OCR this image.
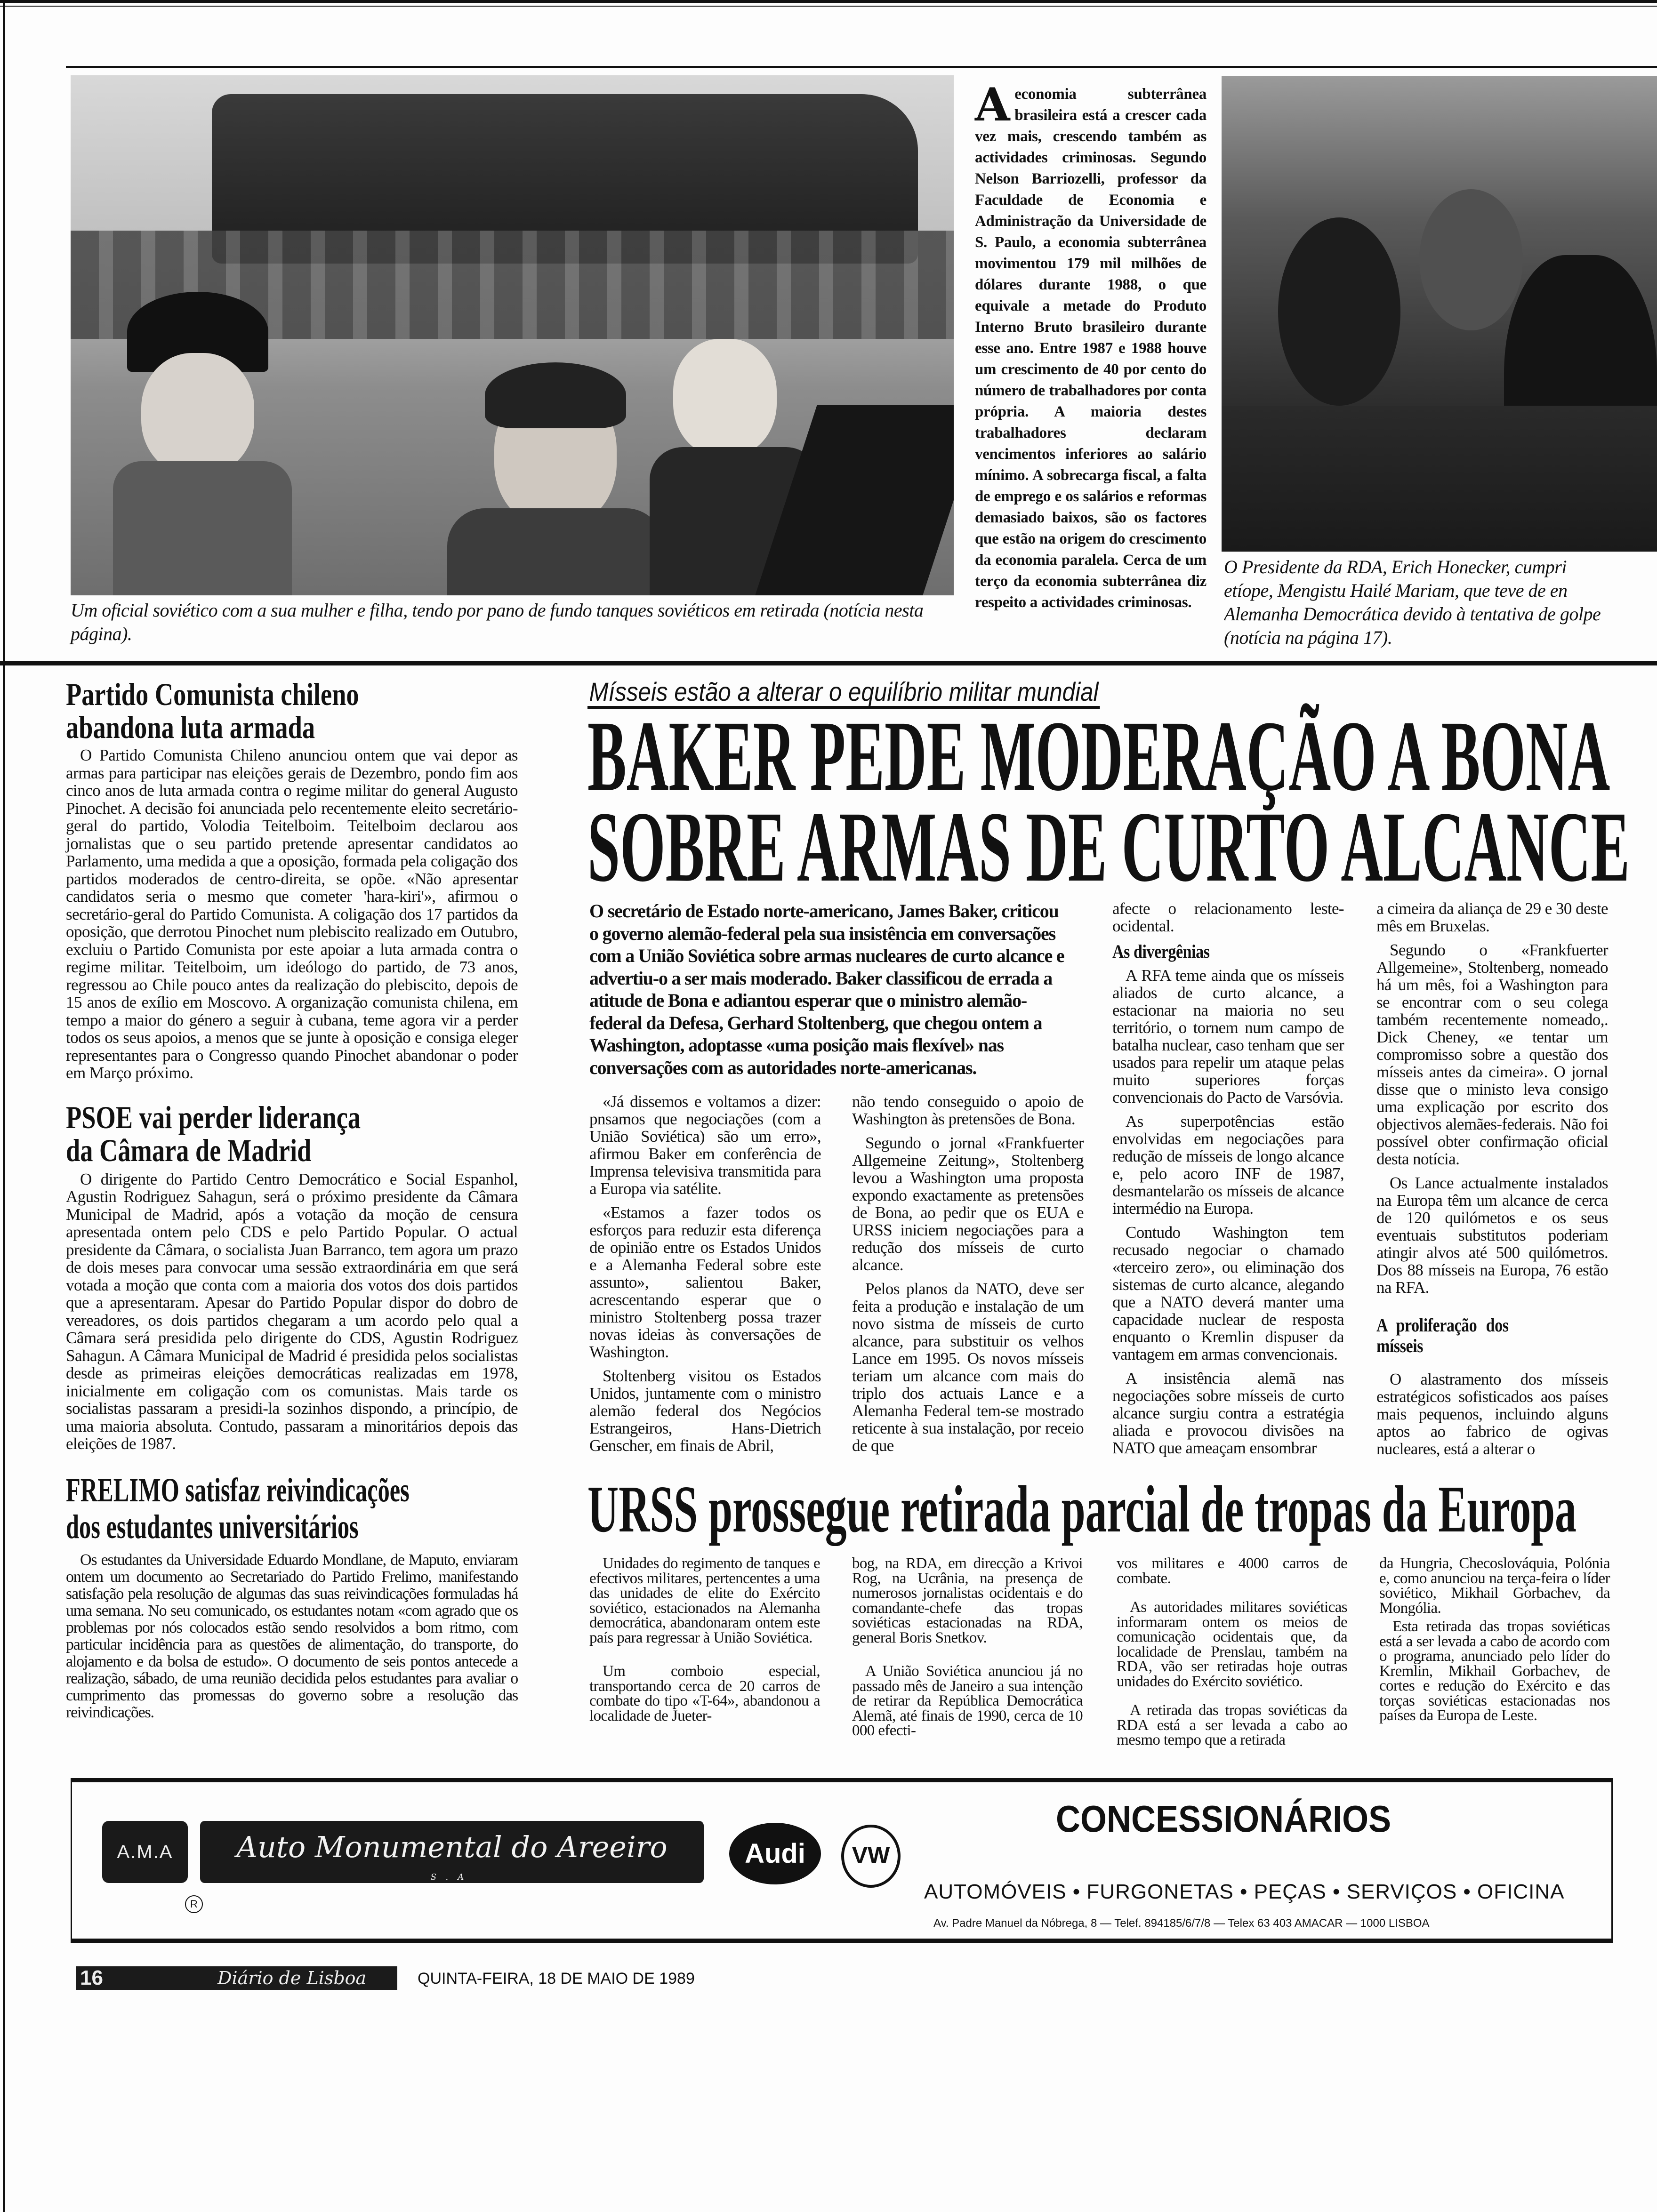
Um oficial soviético com a sua mulher e filha, tendo por pano de fundo tanques soviéticos em retirada (notícia nesta página).
Aeconomia subterrânea brasileira está a crescer cada vez mais, crescendo também as actividades criminosas. Segundo Nelson Barriozelli, professor da Faculdade de Economia e Administração da Universidade de S. Paulo, a economia subterrânea movimentou 179 mil milhões de dólares durante 1988, o que equivale a metade do Produto Interno Bruto brasileiro durante esse ano. Entre 1987 e 1988 houve um crescimento de 40 por cento do número de trabalhadores por conta própria. A maioria destes trabalhadores declaram vencimentos inferiores ao salário mínimo. A sobrecarga fiscal, a falta de emprego e os salários e reformas demasiado baixos, são os factores que estão na origem do crescimento da economia paralela. Cerca de um terço da economia subterrânea diz respeito a actividades criminosas.
O Presidente da RDA, Erich Honecker, cumpri
etíope, Mengistu Hailé Mariam, que teve de en
Alemanha Democrática devido à tentativa de golpe
(notícia na página 17).
Partido Comunista chileno
abandona luta armada

O Partido Comunista Chileno anunciou ontem que vai depor as armas para participar nas eleições gerais de Dezembro, pondo fim aos cinco anos de luta armada contra o regime militar do general Augusto Pinochet. A decisão foi anunciada pelo recentemente eleito secretário-geral do partido, Volodia Teitelboim. Teitelboim declarou aos jornalistas que o seu partido pretende apresentar candidatos ao Parlamento, uma medida a que a oposição, formada pela coligação dos partidos moderados de centro-direita, se opõe. «Não apresentar candidatos seria o mesmo que cometer 'hara-kiri'», afirmou o secretário-geral do Partido Comunista. A coligação dos 17 partidos da oposição, que derrotou Pinochet num plebiscito realizado em Outubro, excluiu o Partido Comunista por este apoiar a luta armada contra o regime militar. Teitelboim, um ideólogo do partido, de 73 anos, regressou ao Chile pouco antes da realização do plebiscito, depois de 15 anos de exílio em Moscovo. A organização comunista chilena, em tempo a maior do género a seguir à cubana, teme agora vir a perder todos os seus apoios, a menos que se junte à oposição e consiga eleger representantes para o Congresso quando Pinochet abandonar o poder em Março próximo.

PSOE vai perder liderança
da Câmara de Madrid

O dirigente do Partido Centro Democrático e Social Espanhol, Agustin Rodriguez Sahagun, será o próximo presidente da Câmara Municipal de Madrid, após a votação da moção de censura apresentada ontem pelo CDS e pelo Partido Popular. O actual presidente da Câmara, o socialista Juan Barranco, tem agora um prazo de dois meses para convocar uma sessão extraordinária em que será votada a moção que conta com a maioria dos votos dos dois partidos que a apresentaram. Apesar do Partido Popular dispor do dobro de vereadores, os dois partidos chegaram a um acordo pelo qual a Câmara será presidida pelo dirigente do CDS, Agustin Rodriguez Sahagun. A Câmara Municipal de Madrid é presidida pelos socialistas desde as primeiras eleições democráticas realizadas em 1978, inicialmente em coligação com os comunistas. Mais tarde os socialistas passaram a presidi-la sozinhos dispondo, a princípio, de uma maioria absoluta. Contudo, passaram a minoritários depois das eleições de 1987.

FRELIMO satisfaz reivindicações
dos estudantes universitários

Os estudantes da Universidade Eduardo Mondlane, de Maputo, enviaram ontem um documento ao Secretariado do Partido Frelimo, manifestando satisfação pela resolução de algumas das suas reivindicações formuladas há uma semana. No seu comunicado, os estudantes notam «com agrado que os problemas por nós colocados estão sendo resolvidos a bom ritmo, com particular incidência para as questões de alimentação, do transporte, do alojamento e da bolsa de estudo». O documento de seis pontos antecede a realização, sábado, de uma reunião decidida pelos estudantes para avaliar o cumprimento das promessas do governo sobre a resolução das reivindicações.

Mísseis estão a alterar o equilíbrio militar mundial
BAKER PEDE MODERAÇÃO A BONA
SOBRE ARMAS DE CURTO ALCANCE
O secretário de Estado norte-americano, James Baker, criticou o governo alemão-federal pela sua insistência em conversações com a União Soviética sobre armas nucleares de curto alcance e advertiu-o a ser mais moderado. Baker classificou de errada a atitude de Bona e adiantou esperar que o ministro alemão-federal da Defesa, Gerhard Stoltenberg, que chegou ontem a Washington, adoptasse «uma posição mais flexível» nas conversações com as autoridades norte-americanas.

«Já dissemos e voltamos a dizer: pnsamos que negociações (com a União Soviética) são um erro», afirmou Baker em conferência de Imprensa televisiva transmitida para a Europa via satélite.

«Estamos a fazer todos os esforços para reduzir esta diferença de opinião entre os Estados Unidos e a Alemanha Federal sobre este assunto», salientou Baker, acrescentando esperar que o ministro Stoltenberg possa trazer novas ideias às conversações de Washington.

Stoltenberg visitou os Estados Unidos, juntamente com o ministro alemão federal dos Negócios Estrangeiros, Hans-Dietrich Genscher, em finais de Abril,

não tendo conseguido o apoio de Washington às pretensões de Bona.

Segundo o jornal «Frankfuerter Allgemeine Zeitung», Stoltenberg levou a Washington uma proposta expondo exactamente as pretensões de Bona, ao pedir que os EUA e URSS iniciem negociações para a redução dos mísseis de curto alcance.

Pelos planos da NATO, deve ser feita a produção e instalação de um novo sistma de mísseis de curto alcance, para substituir os velhos Lance em 1995. Os novos mísseis teriam um alcance com mais do triplo dos actuais Lance e a Alemanha Federal tem-se mostrado reticente à sua instalação, por receio de que

afecte o relacionamento leste-ocidental.

As divergênias

A RFA teme ainda que os mísseis aliados de curto alcance, a estacionar na maioria no seu território, o tornem num campo de batalha nuclear, caso tenham que ser usados para repelir um ataque pelas muito superiores forças convencionais do Pacto de Varsóvia.

As superpotências estão envolvidas em negociações para redução de mísseis de longo alcance e, pelo acoro INF de 1987, desmantelarão os mísseis de alcance intermédio na Europa.

Contudo Washington tem recusado negociar o chamado «terceiro zero», ou eliminação dos sistemas de curto alcance, alegando que a NATO deverá manter uma capacidade nuclear de resposta enquanto o Kremlin dispuser da vantagem em armas convencionais.

A insistência alemã nas negociações sobre mísseis de curto alcance surgiu contra a estratégia aliada e provocou divisões na NATO que ameaçam ensombrar

a cimeira da aliança de 29 e 30 deste mês em Bruxelas.

Segundo o «Frankfuerter Allgemeine», Stoltenberg, nomeado há um mês, foi a Washington para se encontrar com o seu colega também recentemente nomeado,. Dick Cheney, «e tentar um compromisso sobre a questão dos mísseis antes da cimeira». O jornal disse que o ministo leva consigo uma explicação por escrito dos objectivos alemães-federais. Não foi possível obter confirmação oficial desta notícia.

Os Lance actualmente instalados na Europa têm um alcance de cerca de 120 quilómetos e os seus eventuais substitutos poderiam atingir alvos até 500 quilómetros. Dos 88 mísseis na Europa, 76 estão na RFA.

A proliferação dos mísseis

O alastramento dos mísseis estratégicos sofisticados aos países mais pequenos, incluindo alguns aptos ao fabrico de ogivas nucleares, está a alterar o

URSS prossegue retirada parcial de tropas da Europa

Unidades do regimento de tanques e efectivos militares, pertencentes a uma das unidades de elite do Exército soviético, estacionados na Alemanha democrática, abandonaram ontem este país para regressar à União Soviética.

Um comboio especial, transportando cerca de 20 carros de combate do tipo «T-64», abandonou a localidade de Jueter-

bog, na RDA, em direcção a Krivoi Rog, na Ucrânia, na presença de numerosos jornalistas ocidentais e do comandante-chefe das tropas soviéticas estacionadas na RDA, general Boris Snetkov.

A União Soviética anunciou já no passado mês de Janeiro a sua intenção de retirar da República Democrática Alemã, até finais de 1990, cerca de 10 000 efecti-

vos militares e 4000 carros de combate.

As autoridades militares soviéticas informaram ontem os meios de comunicação ocidentais que, da localidade de Prenslau, também na RDA, vão ser retiradas hoje outras unidades do Exército soviético.

A retirada das tropas soviéticas da RDA está a ser levada a cabo ao mesmo tempo que a retirada

da Hungria, Checoslováquia, Polónia e, como anunciou na terça-feira o líder soviético, Mikhail Gorbachev, da Mongólia.

Esta retirada das tropas soviéticas está a ser levada a cabo de acordo com o programa, anunciado pelo líder do Kremlin, Mikhail Gorbachev, de cortes e redução do Exército e das torças soviéticas estacionadas nos países da Europa de Leste.

A.M.A	Auto Monumental do Areeiro
S.A
R
Audi	VW
CONCESSIONÁRIOS
AUTOMÓVEIS • FURGONETAS • PEÇAS • SERVIÇOS • OFICINA
Av. Padre Manuel da Nóbrega, 8 — Telef. 894185/6/7/8 — Telex 63 403 AMACAR — 1000 LISBOA
16	Diário de Lisboa	QUINTA-FEIRA, 18 DE MAIO DE 1989
